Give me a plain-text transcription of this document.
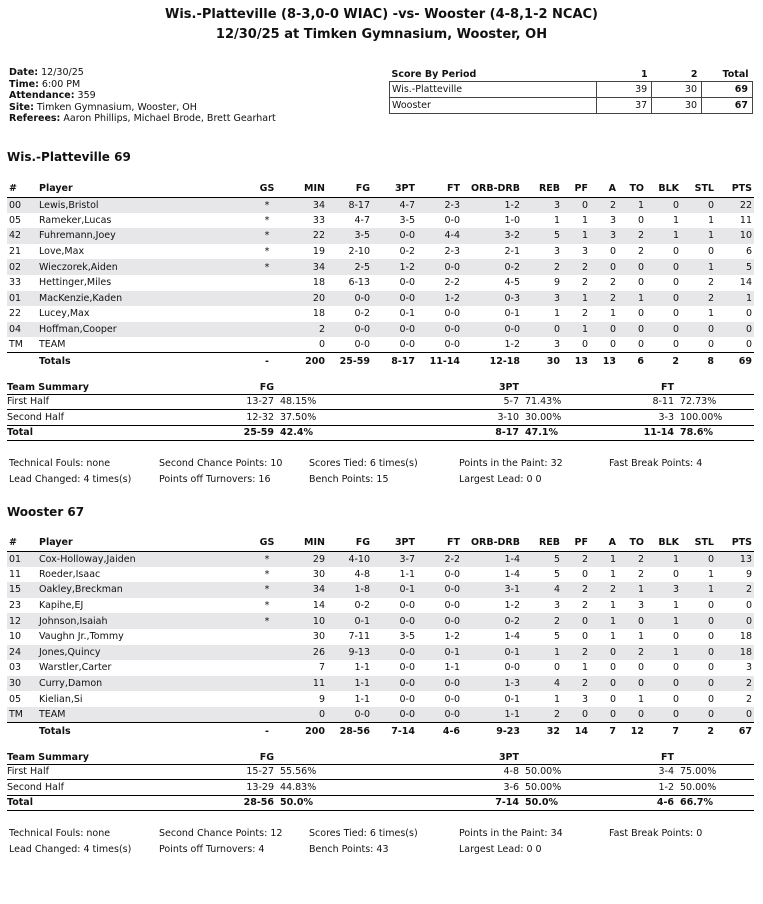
Wis.-Platteville (8-3,0-0 WIAC) -vs- Wooster (4-8,1-2 NCAC)
12/30/25 at Timken Gymnasium, Wooster, OH
Date: 12/30/25
Time: 6:00 PM
Attendance: 359
Site: Timken Gymnasium, Wooster, OH
Referees: Aaron Phillips, Michael Brode, Brett Gearhart
Score By Period	1	2	Total
Wis.-Platteville	39	30	69
Wooster	37	30	67
Wis.-Platteville 69
#	Player	GS	MIN	FG	3PT	FT	ORB-DRB	REB	PF	A	TO	BLK	STL	PTS
00	Lewis,Bristol	*	34	8-17	4-7	2-3	1-2	3	0	2	1	0	0	22
05	Rameker,Lucas	*	33	4-7	3-5	0-0	1-0	1	1	3	0	1	1	11
42	Fuhremann,Joey	*	22	3-5	0-0	4-4	3-2	5	1	3	2	1	1	10
21	Love,Max	*	19	2-10	0-2	2-3	2-1	3	3	0	2	0	0	6
02	Wieczorek,Aiden	*	34	2-5	1-2	0-0	0-2	2	2	0	0	0	1	5
33	Hettinger,Miles		18	6-13	0-0	2-2	4-5	9	2	2	0	0	2	14
01	MacKenzie,Kaden		20	0-0	0-0	1-2	0-3	3	1	2	1	0	2	1
22	Lucey,Max		18	0-2	0-1	0-0	0-1	1	2	1	0	0	1	0
04	Hoffman,Cooper		2	0-0	0-0	0-0	0-0	0	1	0	0	0	0	0
TM	TEAM		0	0-0	0-0	0-0	1-2	3	0	0	0	0	0	0
	Totals	-	200	25-59	8-17	11-14	12-18	30	13	13	6	2	8	69
Team Summary	FG		3PT		FT	
First Half	13-27	48.15%	5-7	71.43%	8-11	72.73%
Second Half	12-32	37.50%	3-10	30.00%	3-3	100.00%
Total	25-59	42.4%	8-17	47.1%	11-14	78.6%
Technical Fouls: none	Second Chance Points: 10	Scores Tied: 6 times(s)	Points in the Paint: 32	Fast Break Points: 4
Lead Changed: 4 times(s)	Points off Turnovers: 16	Bench Points: 15	Largest Lead: 0 0
Wooster 67
#	Player	GS	MIN	FG	3PT	FT	ORB-DRB	REB	PF	A	TO	BLK	STL	PTS
01	Cox-Holloway,Jaiden	*	29	4-10	3-7	2-2	1-4	5	2	1	2	1	0	13
11	Roeder,Isaac	*	30	4-8	1-1	0-0	1-4	5	0	1	2	0	1	9
15	Oakley,Breckman	*	34	1-8	0-1	0-0	3-1	4	2	2	1	3	1	2
23	Kapihe,EJ	*	14	0-2	0-0	0-0	1-2	3	2	1	3	1	0	0
12	Johnson,Isaiah	*	10	0-1	0-0	0-0	0-2	2	0	1	0	1	0	0
10	Vaughn Jr.,Tommy		30	7-11	3-5	1-2	1-4	5	0	1	1	0	0	18
24	Jones,Quincy		26	9-13	0-0	0-1	0-1	1	2	0	2	1	0	18
03	Warstler,Carter		7	1-1	0-0	1-1	0-0	0	1	0	0	0	0	3
30	Curry,Damon		11	1-1	0-0	0-0	1-3	4	2	0	0	0	0	2
05	Kielian,Si		9	1-1	0-0	0-0	0-1	1	3	0	1	0	0	2
TM	TEAM		0	0-0	0-0	0-0	1-1	2	0	0	0	0	0	0
	Totals	-	200	28-56	7-14	4-6	9-23	32	14	7	12	7	2	67
Team Summary	FG		3PT		FT	
First Half	15-27	55.56%	4-8	50.00%	3-4	75.00%
Second Half	13-29	44.83%	3-6	50.00%	1-2	50.00%
Total	28-56	50.0%	7-14	50.0%	4-6	66.7%
Technical Fouls: none	Second Chance Points: 12	Scores Tied: 6 times(s)	Points in the Paint: 34	Fast Break Points: 0
Lead Changed: 4 times(s)	Points off Turnovers: 4	Bench Points: 43	Largest Lead: 0 0
